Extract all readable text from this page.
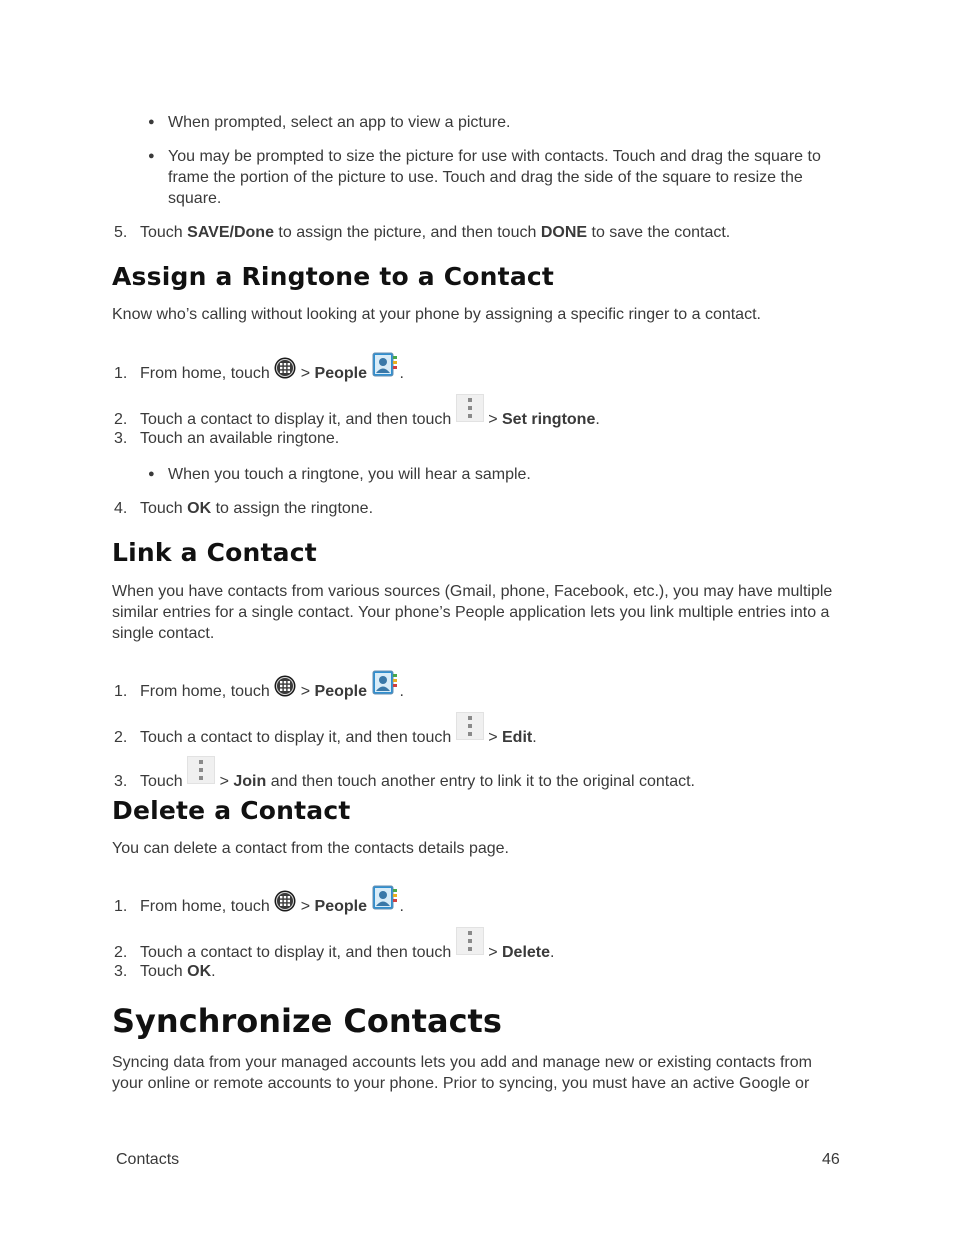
● When prompted, select an app to view a picture.
● You may be prompted to size the picture for use with contacts. Touch and drag the square to frame the portion of the picture to use. Touch and drag the side of the square to resize the square.
5. Touch SAVE/Done to assign the picture, and then touch DONE to save the contact.
Assign a Ringtone to a Contact
Know who’s calling without looking at your phone by assigning a specific ringer to a contact.
1. From home, touch  > People .
2. Touch a contact to display it, and then touch
> Set ringtone.
3. Touch an available ringtone.
● When you touch a ringtone, you will hear a sample.
4. Touch OK to assign the ringtone.
Link a Contact
When you have contacts from various sources (Gmail, phone, Facebook, etc.), you may have multiple similar entries for a single contact. Your phone’s People application lets you link multiple entries into a single contact.
1. From home, touch  > People .
2. Touch a contact to display it, and then touch
> Edit.
3. Touch
> Join and then touch another entry to link it to the original contact.
Delete a Contact
You can delete a contact from the contacts details page.
1. From home, touch  > People .
2. Touch a contact to display it, and then touch
> Delete.
3. Touch OK.
Synchronize Contacts
Syncing data from your managed accounts lets you add and manage new or existing contacts from your online or remote accounts to your phone. Prior to syncing, you must have an active Google or
Contacts	46
